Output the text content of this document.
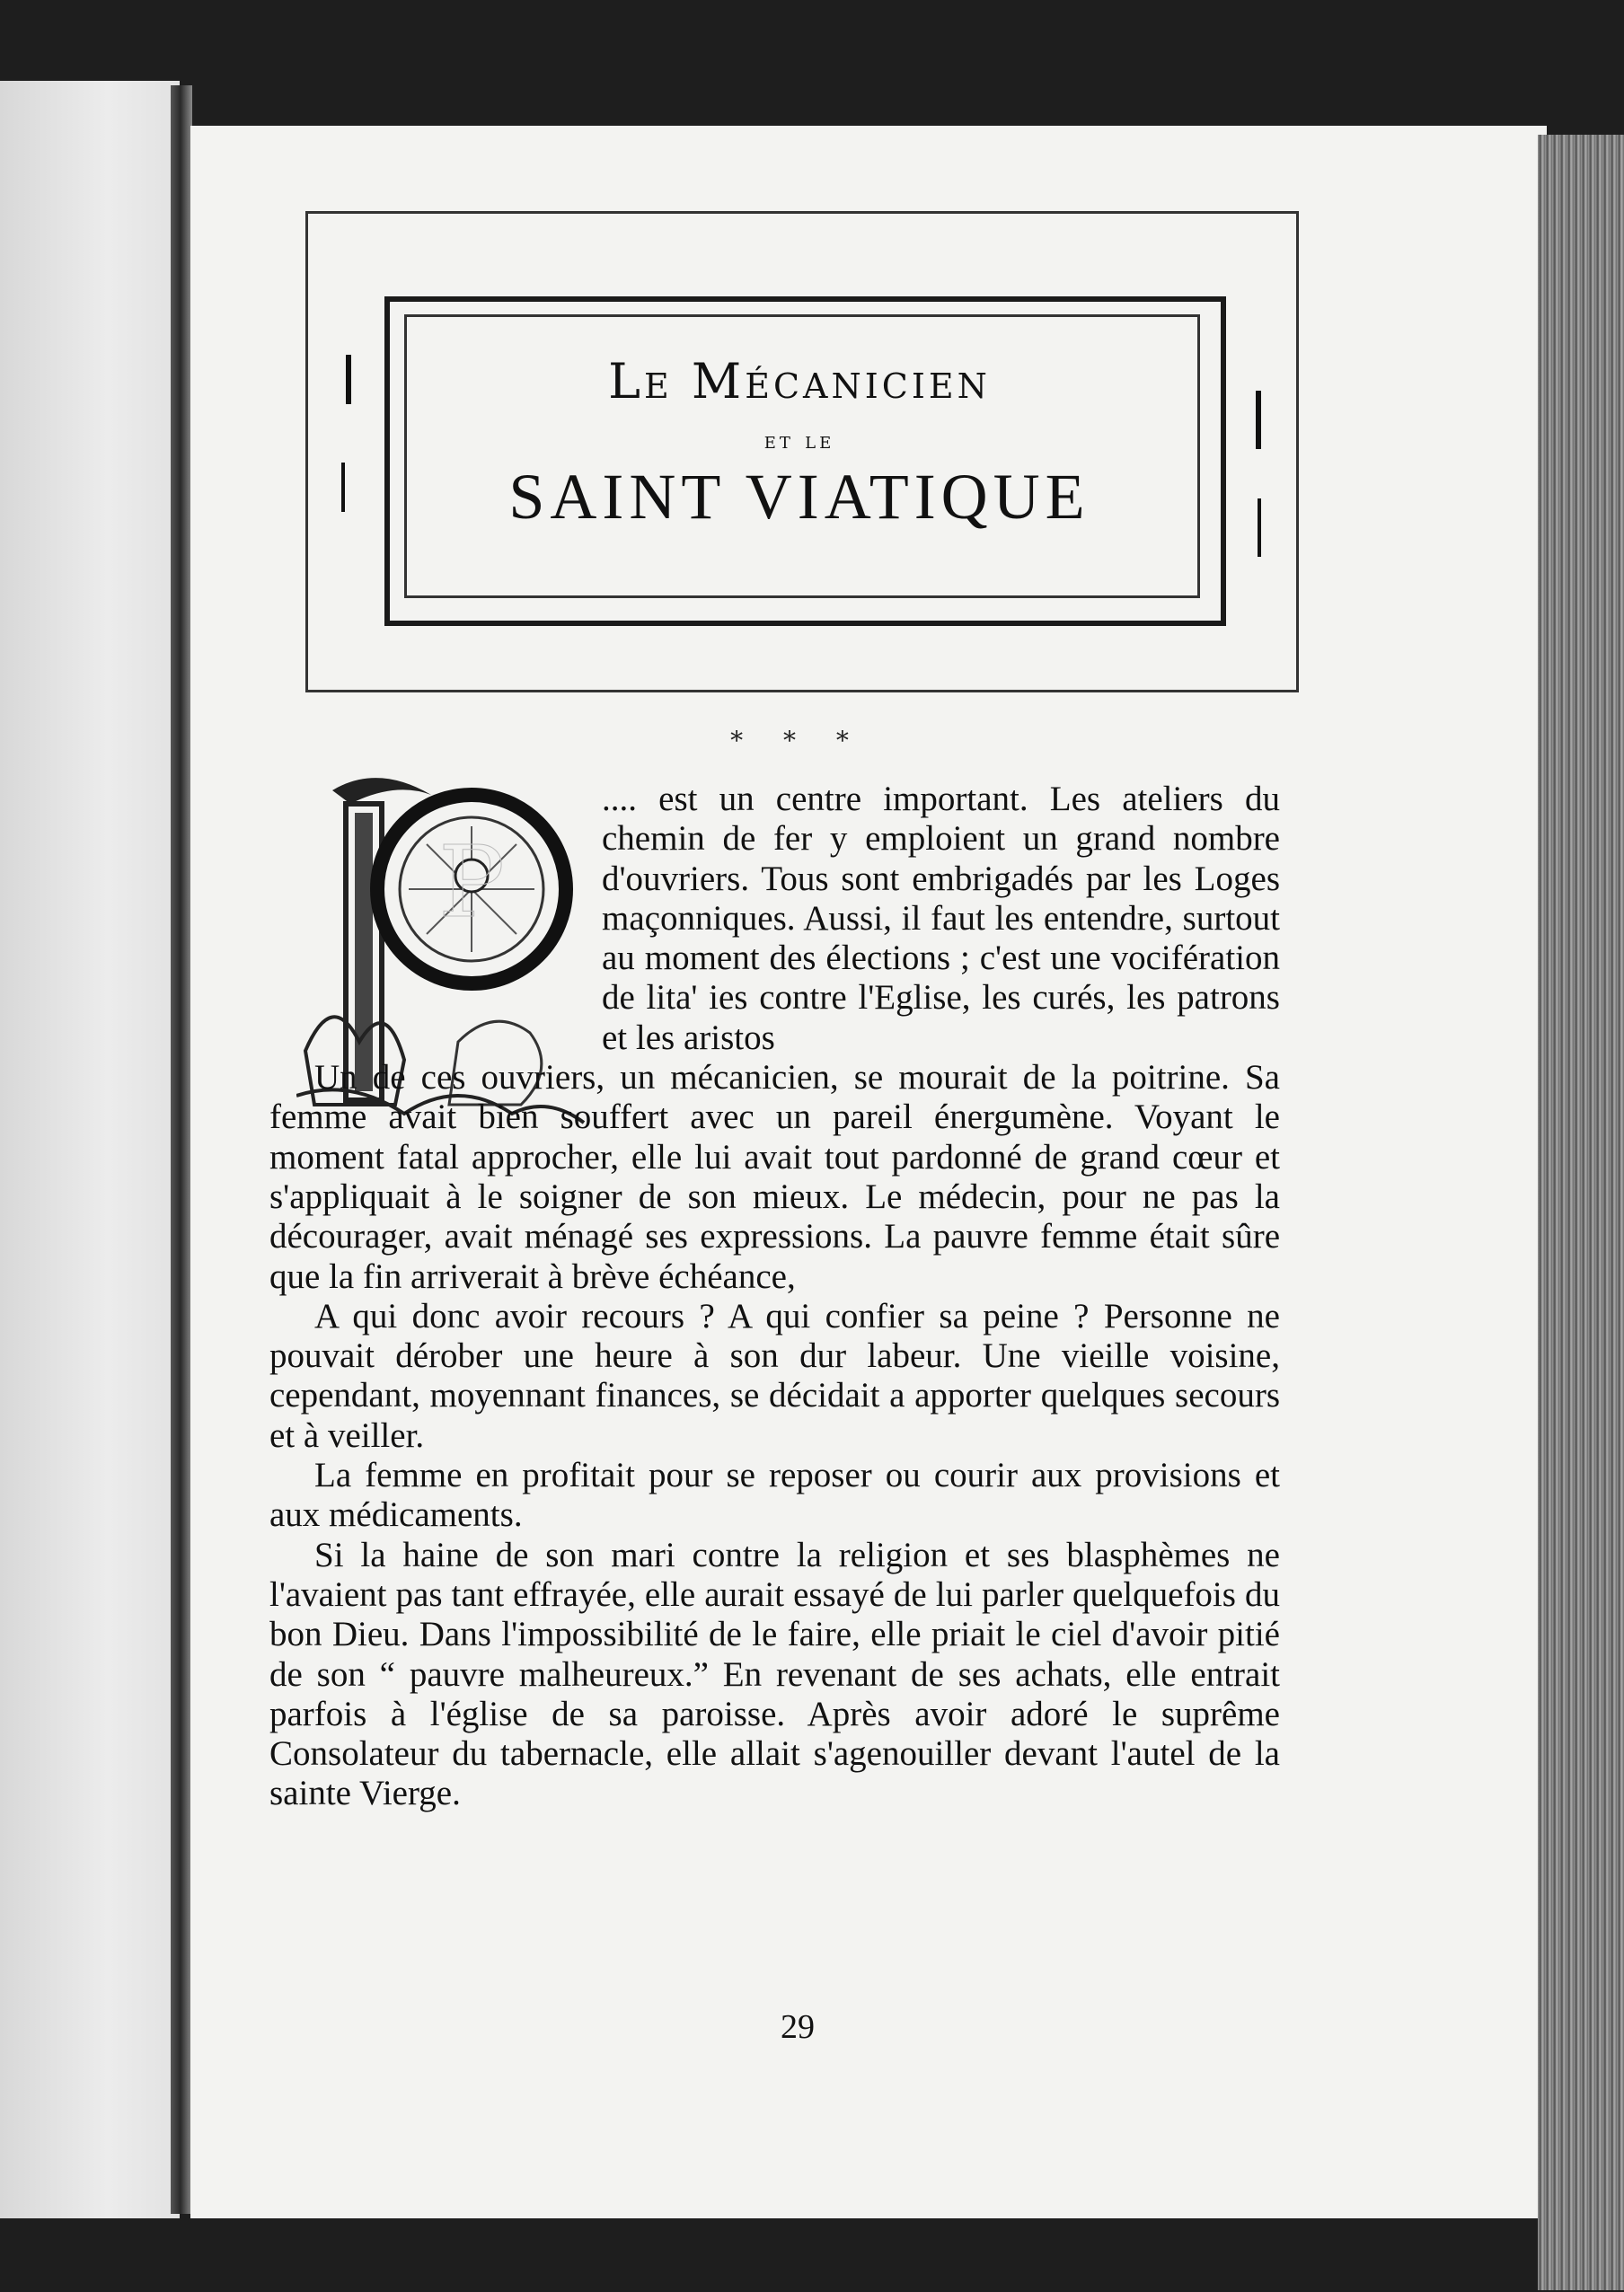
Le Mécanicien
et le
SAINT VIATIQUE
* * *
P

.... est un centre important. Les ateliers du chemin de fer y emploient un grand nombre d'ouvriers. Tous sont embrigadés par les Loges maçonniques. Aussi, il faut les entendre, surtout au moment des élections ; c'est une vocifération de lita' ies contre l'Eglise, les curés, les patrons et les aristos

Un de ces ouvriers, un mécanicien, se mourait de la poitrine. Sa femme avait bien souffert avec un pareil énergumène. Voyant le moment fatal approcher, elle lui avait tout pardonné de grand cœur et s'appliquait à le soigner de son mieux. Le médecin, pour ne pas la décourager, avait ménagé ses expressions. La pauvre femme était sûre que la fin arriverait à brève échéance,

A qui donc avoir recours ? A qui confier sa peine ? Personne ne pouvait dérober une heure à son dur labeur. Une vieille voisine, cependant, moyennant finances, se décidait a apporter quelques secours et à veiller.

La femme en profitait pour se reposer ou courir aux provisions et aux médicaments.

Si la haine de son mari contre la religion et ses blasphèmes ne l'avaient pas tant effrayée, elle aurait essayé de lui parler quelquefois du bon Dieu. Dans l'impossibilité de le faire, elle priait le ciel d'avoir pitié de son “ pauvre malheureux.” En revenant de ses achats, elle entrait parfois à l'église de sa paroisse. Après avoir adoré le suprême Consolateur du tabernacle, elle allait s'agenouiller devant l'autel de la sainte Vierge.

29
